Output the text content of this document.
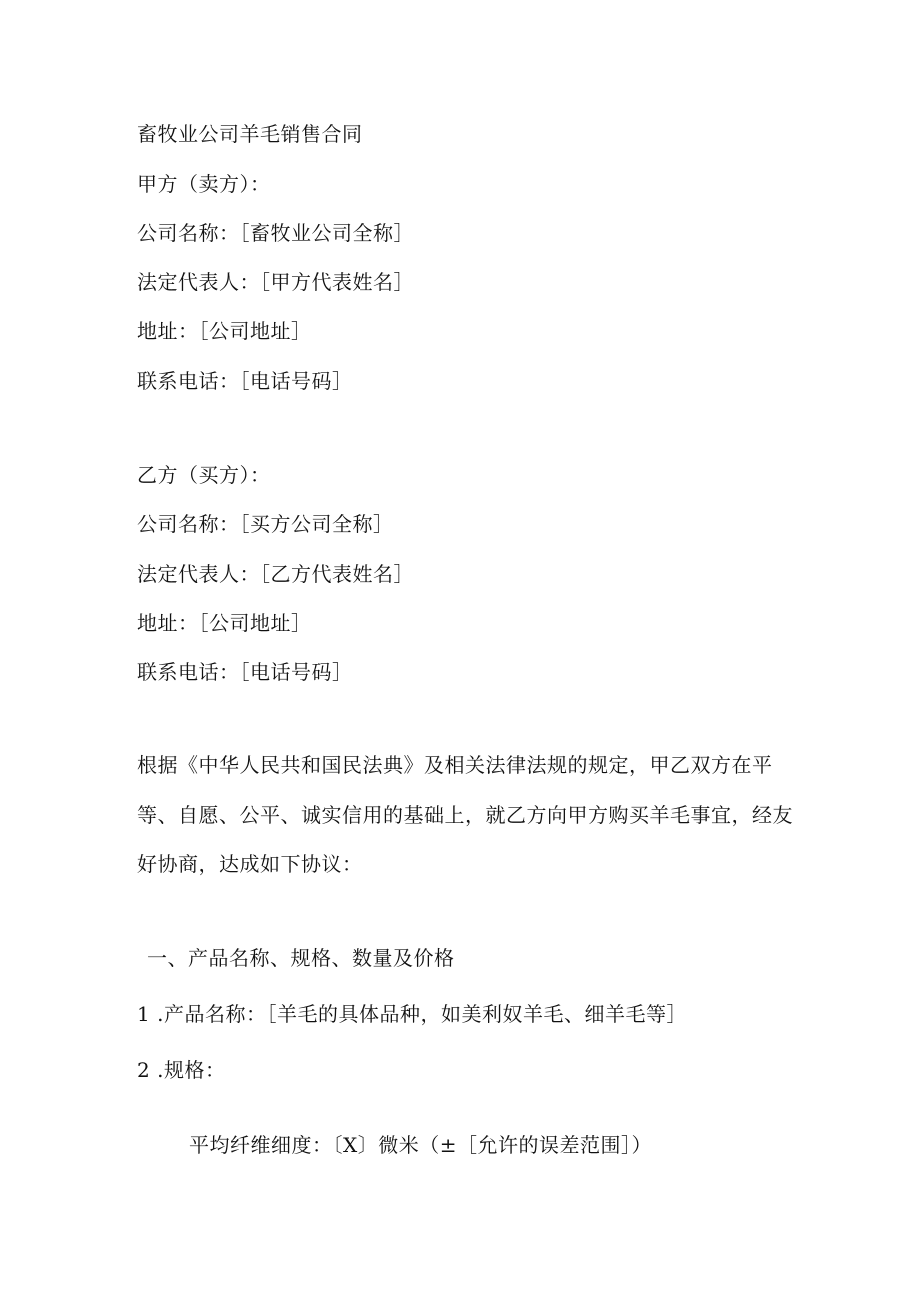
畜牧业公司羊毛销售合同
甲方（卖方）：
公司名称：［畜牧业公司全称］
法定代表人：［甲方代表姓名］
地址：［公司地址］
联系电话：［电话号码］
乙方（买方）：
公司名称：［买方公司全称］
法定代表人：［乙方代表姓名］
地址：［公司地址］
联系电话：［电话号码］
根据《中华人民共和国民法典》及相关法律法规的规定，甲乙双方在平
等、自愿、公平、诚实信用的基础上，就乙方向甲方购买羊毛事宜，经友
好协商，达成如下协议：
一、产品名称、规格、数量及价格
1 .产品名称：［羊毛的具体品种，如美利奴羊毛、细羊毛等］
2 .规格：
平均纤维细度：〔X〕微米（±［允许的误差范围］）
